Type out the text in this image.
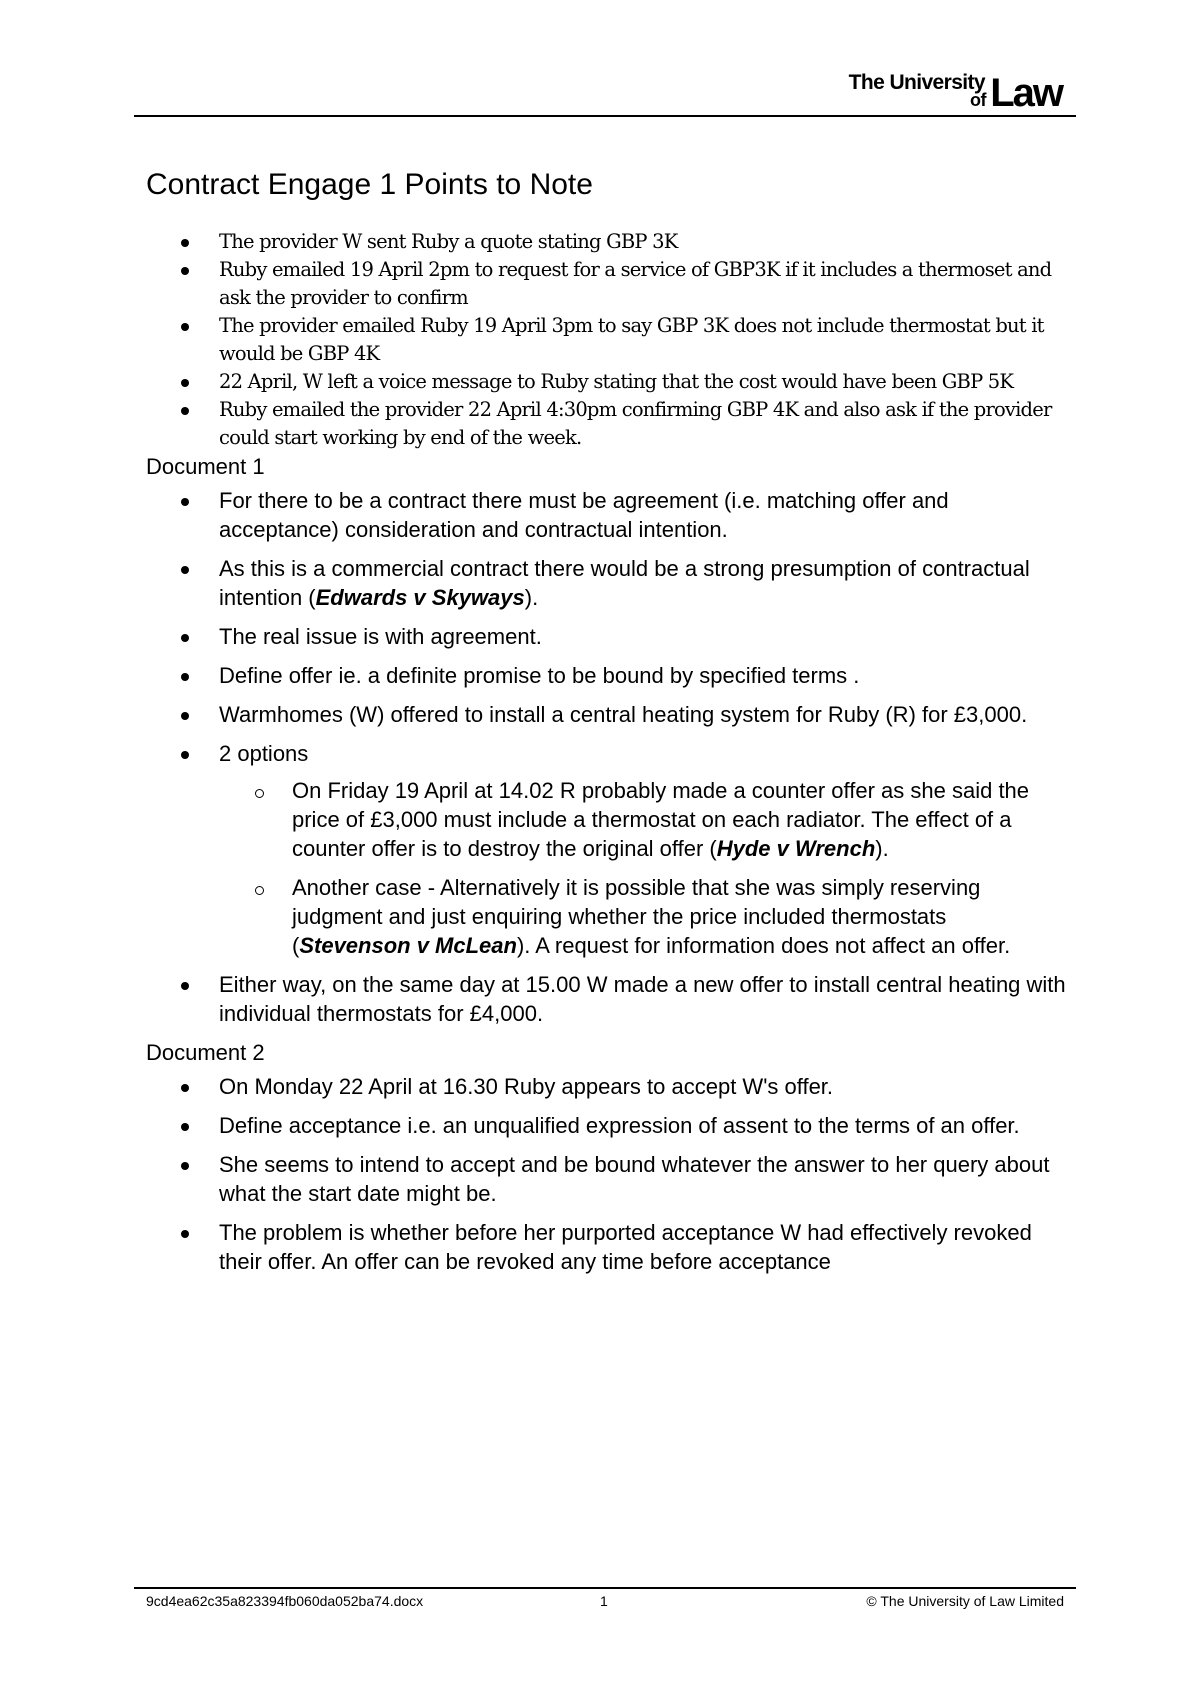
The University
of Law
Contract Engage 1 Points to Note
The provider W sent Ruby a quote stating GBP 3K
Ruby emailed 19 April 2pm to request for a service of GBP3K if it includes a thermoset and ask the provider to confirm
The provider emailed Ruby 19 April 3pm to say GBP 3K does not include thermostat but it would be GBP 4K
22 April, W left a voice message to Ruby stating that the cost would have been GBP 5K
Ruby emailed the provider 22 April 4:30pm confirming GBP 4K and also ask if the provider could start working by end of the week.
Document 1
For there to be a contract there must be agreement (i.e. matching offer and acceptance) consideration and contractual intention.
As this is a commercial contract there would be a strong presumption of contractual intention (Edwards v Skyways).
The real issue is with agreement.
Define offer ie. a definite promise to be bound by specified terms .
Warmhomes (W) offered to install a central heating system for Ruby (R) for £3,000.
2 options
On Friday 19 April at 14.02 R probably made a counter offer as she said the price of £3,000 must include a thermostat on each radiator. The effect of a counter offer is to destroy the original offer (Hyde v Wrench).
Another case - Alternatively it is possible that she was simply reserving judgment and just enquiring whether the price included thermostats (Stevenson v McLean). A request for information does not affect an offer.
Either way, on the same day at 15.00 W made a new offer to install central heating with individual thermostats for £4,000.
Document 2
On Monday 22 April at 16.30 Ruby appears to accept W's offer.
Define acceptance i.e. an unqualified expression of assent to the terms of an offer.
She seems to intend to accept and be bound whatever the answer to her query about what the start date might be.
The problem is whether before her purported acceptance W had effectively revoked their offer. An offer can be revoked any time before acceptance
9cd4ea62c35a823394fb060da052ba74.docx	1	© The University of Law Limited
